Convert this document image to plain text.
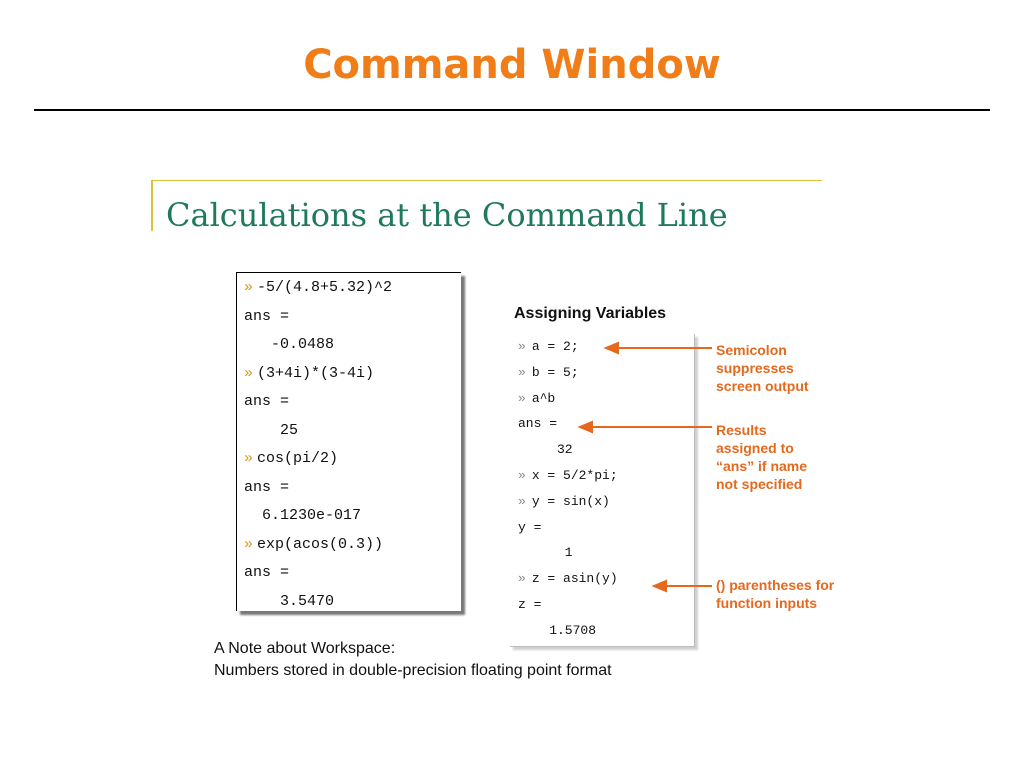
Command Window
Calculations at the Command Line
» -5/(4.8+5.32)^2
ans =
-0.0488
» (3+4i)*(3-4i)
ans =
25
» cos(pi/2)
ans =
6.1230e-017
» exp(acos(0.3))
ans =
3.5470
Assigning Variables
» a = 2;
» b = 5;
» a^b
ans =
32
» x = 5/2*pi;
» y = sin(x)
y =
1
» z = asin(y)
z =
1.5708
Semicolon
suppresses
screen output
Results
assigned to
“ans” if name
not specified
() parentheses for
function inputs
A Note about Workspace:
Numbers stored in double-precision floating point format
